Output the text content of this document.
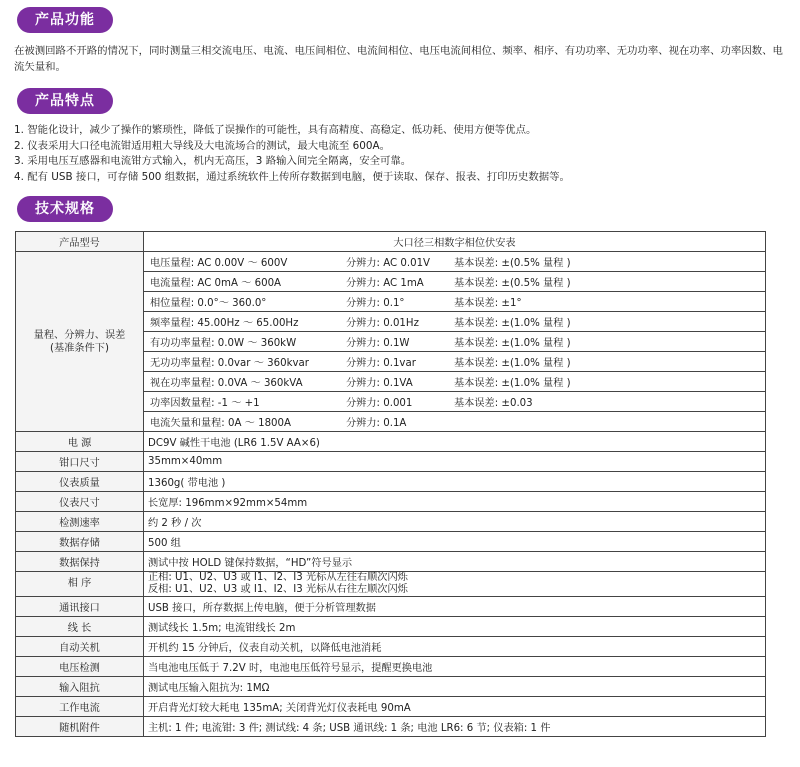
产品功能
在被测回路不开路的情况下，同时测量三相交流电压、电流、电压间相位、电流间相位、电压电流间相位、频率、相序、有功功率、无功功率、视在功率、功率因数、电流矢量和。
产品特点
1. 智能化设计，减少了操作的繁琐性，降低了误操作的可能性，具有高精度、高稳定、低功耗、使用方便等优点。
2. 仪表采用大口径电流钳适用粗大导线及大电流场合的测试，最大电流至 600A。
3. 采用电压互感器和电流钳方式输入，机内无高压，3 路输入间完全隔离，安全可靠。
4. 配有 USB 接口，可存储 500 组数据，通过系统软件上传所存数据到电脑，便于读取、保存、报表、打印历史数据等。
技术规格
产品型号	大口径三相数字相位伏安表
量程、分辨力、误差
(基准条件下)	电压量程: AC 0.00V ～ 600V 分辨力: AC 0.01V 基本误差: ±(0.5% 量程 )

	电流量程: AC 0mA ～ 600A 分辨力: AC 1mA 基本误差: ±(0.5% 量程 )

	相位量程: 0.0°～ 360.0° 分辨力: 0.1° 基本误差: ±1°

	频率量程: 45.00Hz ～ 65.00Hz 分辨力: 0.01Hz 基本误差: ±(1.0% 量程 )

	有功功率量程: 0.0W ～ 360kW 分辨力: 0.1W 基本误差: ±(1.0% 量程 )

	无功功率量程: 0.0var ～ 360kvar 分辨力: 0.1var 基本误差: ±(1.0% 量程 )

	视在功率量程: 0.0VA ～ 360kVA 分辨力: 0.1VA 基本误差: ±(1.0% 量程 )

	功率因数量程: -1 ～ +1 分辨力: 0.001 基本误差: ±0.03

	电流矢量和量程: 0A ～ 1800A 分辨力: 0.1A

电 源	DC9V 碱性干电池 (LR6 1.5V AA×6)
钳口尺寸	35mm×40mm
仪表质量	1360g( 带电池 )
仪表尺寸	长宽厚: 196mm×92mm×54mm
检测速率	约 2 秒 / 次
数据存储	500 组
数据保持	测试中按 HOLD 键保持数据，“HD”符号显示
相 序	正相: U1、U2、U3 或 I1、I2、I3 光标从左往右顺次闪烁
反相: U1、U2、U3 或 I1、I2、I3 光标从右往左顺次闪烁

通讯接口	USB 接口，所存数据上传电脑，便于分析管理数据
线 长	测试线长 1.5m; 电流钳线长 2m
自动关机	开机约 15 分钟后，仪表自动关机，以降低电池消耗
电压检测	当电池电压低于 7.2V 时，电池电压低符号显示，提醒更换电池
输入阻抗	测试电压输入阻抗为: 1MΩ
工作电流	开启背光灯较大耗电 135mA; 关闭背光灯仪表耗电 90mA
随机附件	主机: 1 件; 电流钳: 3 件; 测试线: 4 条; USB 通讯线: 1 条; 电池 LR6: 6 节; 仪表箱: 1 件
